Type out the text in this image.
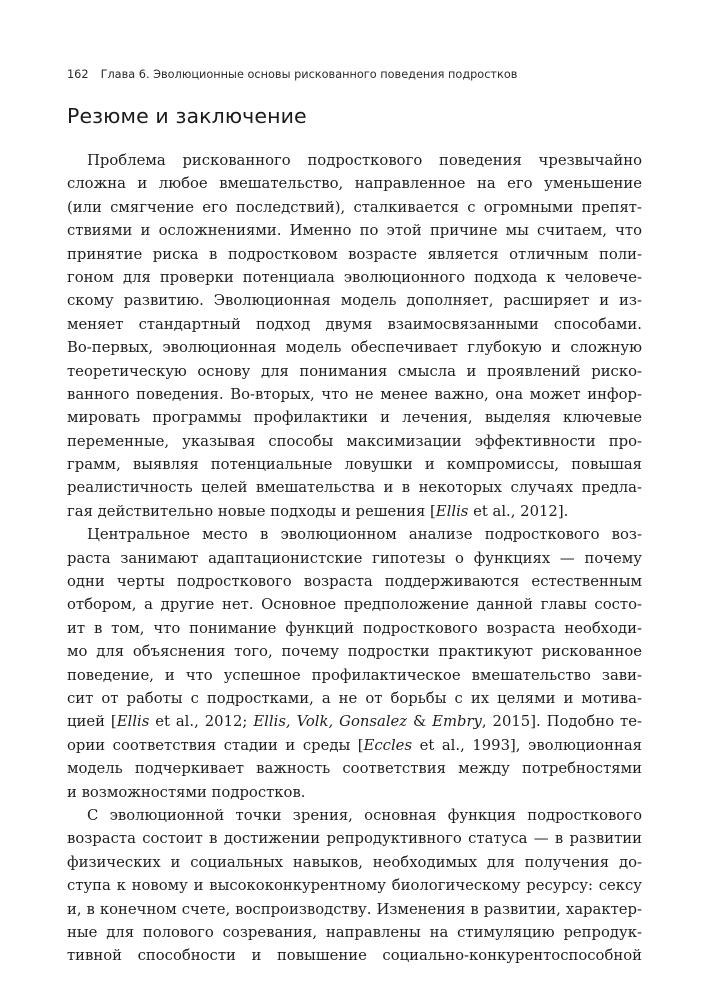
162 Глава 6. Эволюционные основы рискованного поведения подростков
Резюме и заключение
Проблема рискованного подросткового поведения чрезвычайно
сложна и любое вмешательство, направленное на его уменьшение
(или смягчение его последствий), сталкивается с огромными препят-
ствиями и осложнениями. Именно по этой причине мы считаем, что
принятие риска в подростковом возрасте является отличным поли-
гоном для проверки потенциала эволюционного подхода к человече-
скому развитию. Эволюционная модель дополняет, расширяет и из-
меняет стандартный подход двумя взаимосвязанными способами.
Во-первых, эволюционная модель обеспечивает глубокую и сложную
теоретическую основу для понимания смысла и проявлений риско-
ванного поведения. Во-вторых, что не менее важно, она может инфор-
мировать программы профилактики и лечения, выделяя ключевые
переменные, указывая способы максимизации эффективности про-
грамм, выявляя потенциальные ловушки и компромиссы, повышая
реалистичность целей вмешательства и в некоторых случаях предла-
гая действительно новые подходы и решения [Ellis et al., 2012].
Центральное место в эволюционном анализе подросткового воз-
раста занимают адаптационистские гипотезы о функциях — почему
одни черты подросткового возраста поддерживаются естественным
отбором, а другие нет. Основное предположение данной главы состо-
ит в том, что понимание функций подросткового возраста необходи-
мо для объяснения того, почему подростки практикуют рискованное
поведение, и что успешное профилактическое вмешательство зави-
сит от работы с подростками, а не от борьбы с их целями и мотива-
цией [Ellis et al., 2012; Ellis, Volk, Gonsalez & Embry, 2015]. Подобно те-
ории соответствия стадии и среды [Eccles et al., 1993], эволюционная
модель подчеркивает важность соответствия между потребностями
и возможностями подростков.
С эволюционной точки зрения, основная функция подросткового
возраста состоит в достижении репродуктивного статуса — в развитии
физических и социальных навыков, необходимых для получения до-
ступа к новому и высококонкурентному биологическому ресурсу: сексу
и, в конечном счете, воспроизводству. Изменения в развитии, характер-
ные для полового созревания, направлены на стимуляцию репродук-
тивной способности и повышение социально-конкурентоспособной
